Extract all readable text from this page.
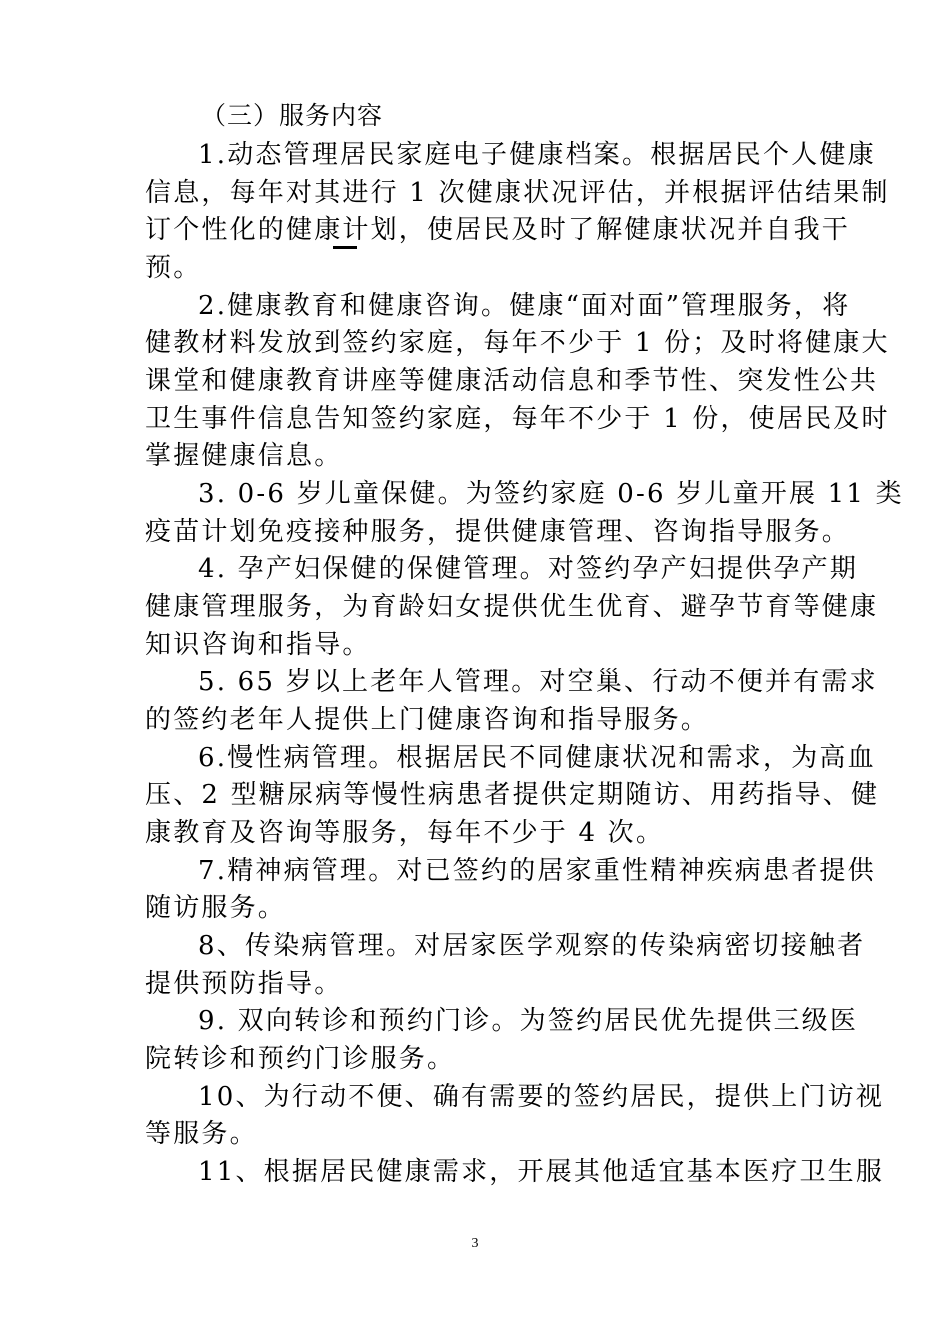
（三）服务内容
1.动态管理居民家庭电子健康档案。根据居民个人健康
信息，每年对其进行 1 次健康状况评估，并根据评估结果制
订个性化的健康计划，使居民及时了解健康状况并自我干
预。
2.健康教育和健康咨询。健康“面对面”管理服务，将
健教材料发放到签约家庭，每年不少于 1 份；及时将健康大
课堂和健康教育讲座等健康活动信息和季节性、突发性公共
卫生事件信息告知签约家庭，每年不少于 1 份，使居民及时
掌握健康信息。
3. 0-6 岁儿童保健。为签约家庭 0-6 岁儿童开展 11 类
疫苗计划免疫接种服务，提供健康管理、咨询指导服务。
4. 孕产妇保健的保健管理。对签约孕产妇提供孕产期
健康管理服务，为育龄妇女提供优生优育、避孕节育等健康
知识咨询和指导。
5. 65 岁以上老年人管理。对空巢、行动不便并有需求
的签约老年人提供上门健康咨询和指导服务。
6.慢性病管理。根据居民不同健康状况和需求，为高血
压、2 型糖尿病等慢性病患者提供定期随访、用药指导、健
康教育及咨询等服务，每年不少于 4 次。
7.精神病管理。对已签约的居家重性精神疾病患者提供
随访服务。
8、传染病管理。对居家医学观察的传染病密切接触者
提供预防指导。
9. 双向转诊和预约门诊。为签约居民优先提供三级医
院转诊和预约门诊服务。
10、为行动不便、确有需要的签约居民，提供上门访视
等服务。
11、根据居民健康需求，开展其他适宜基本医疗卫生服
3
